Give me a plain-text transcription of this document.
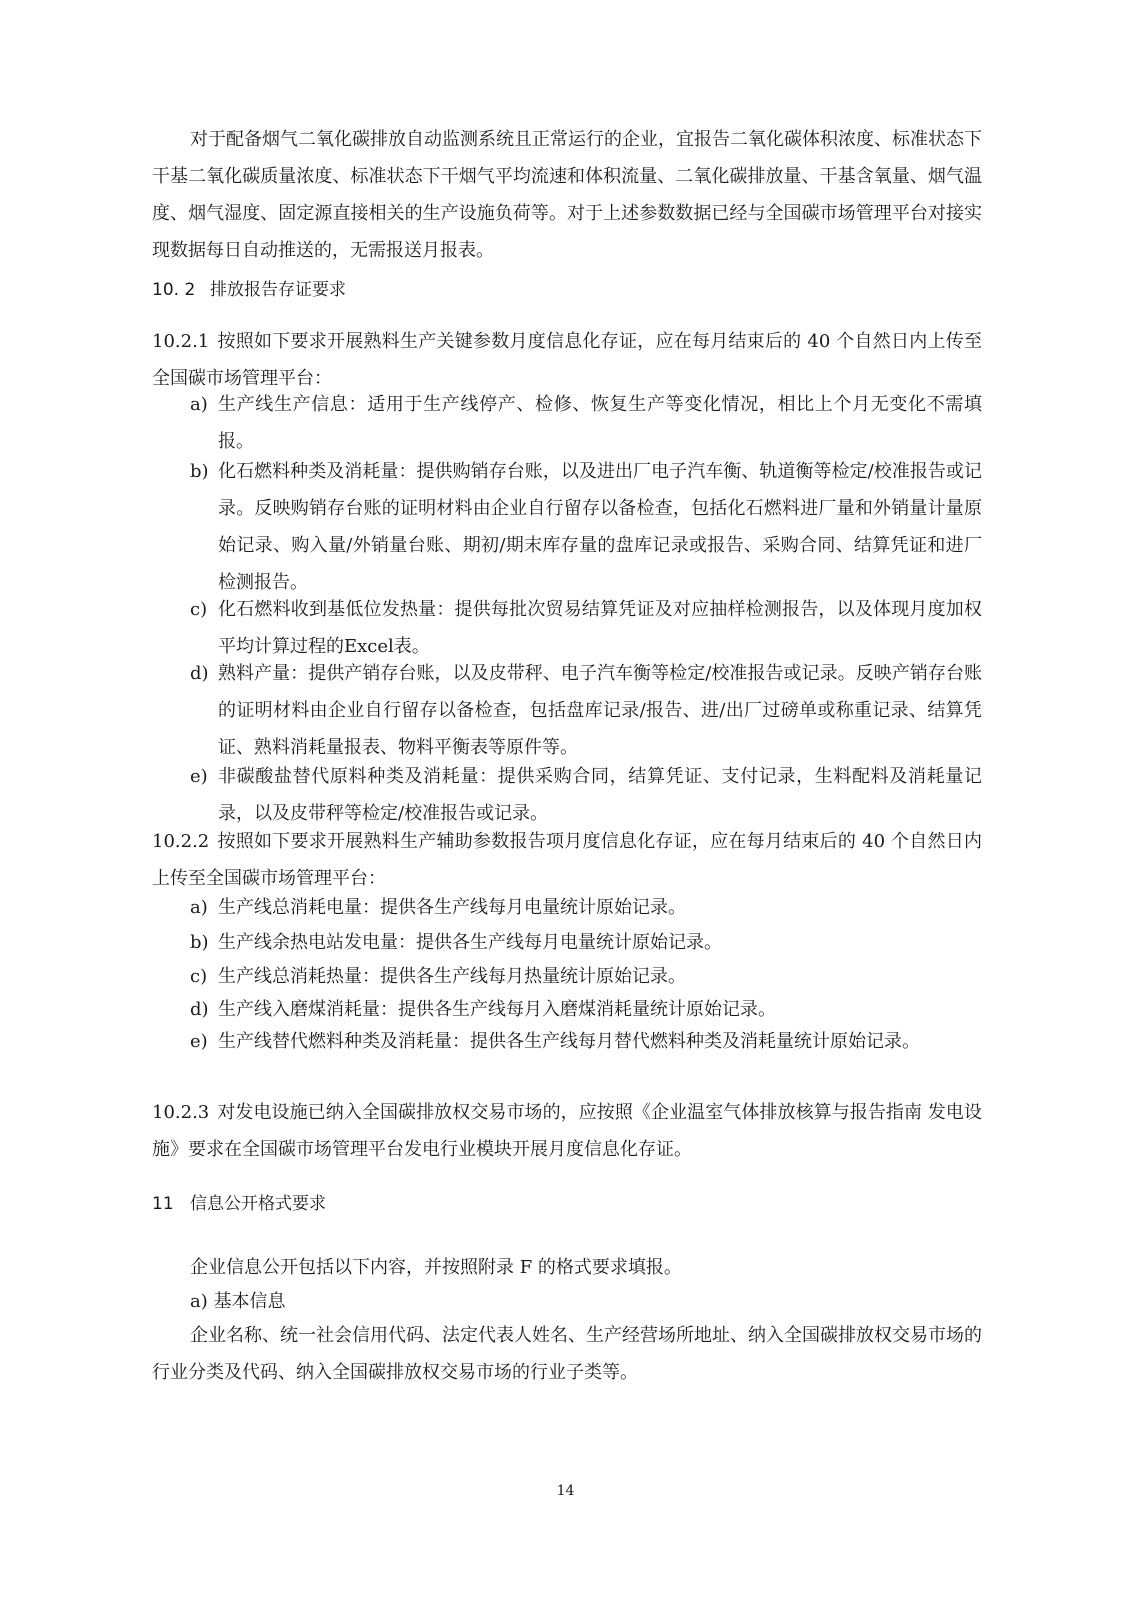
对于配备烟气二氧化碳排放自动监测系统且正常运行的企业，宜报告二氧化碳体积浓度、标准状态下干基二氧化碳质量浓度、标准状态下干烟气平均流速和体积流量、二氧化碳排放量、干基含氧量、烟气温度、烟气湿度、固定源直接相关的生产设施负荷等。对于上述参数数据已经与全国碳市场管理平台对接实现数据每日自动推送的，无需报送月报表。

10. 2 排放报告存证要求

10.2.1 按照如下要求开展熟料生产关键参数月度信息化存证，应在每月结束后的 40 个自然日内上传至全国碳市场管理平台：

a) 生产线生产信息：适用于生产线停产、检修、恢复生产等变化情况，相比上个月无变化不需填报。

b) 化石燃料种类及消耗量：提供购销存台账，以及进出厂电子汽车衡、轨道衡等检定/校准报告或记录。反映购销存台账的证明材料由企业自行留存以备检查，包括化石燃料进厂量和外销量计量原始记录、购入量/外销量台账、期初/期末库存量的盘库记录或报告、采购合同、结算凭证和进厂检测报告。

c) 化石燃料收到基低位发热量：提供每批次贸易结算凭证及对应抽样检测报告，以及体现月度加权平均计算过程的Excel表。

d) 熟料产量：提供产销存台账，以及皮带秤、电子汽车衡等检定/校准报告或记录。反映产销存台账的证明材料由企业自行留存以备检查，包括盘库记录/报告、进/出厂过磅单或称重记录、结算凭证、熟料消耗量报表、物料平衡表等原件等。

e) 非碳酸盐替代原料种类及消耗量：提供采购合同，结算凭证、支付记录，生料配料及消耗量记录，以及皮带秤等检定/校准报告或记录。

10.2.2 按照如下要求开展熟料生产辅助参数报告项月度信息化存证，应在每月结束后的 40 个自然日内上传至全国碳市场管理平台：

a) 生产线总消耗电量：提供各生产线每月电量统计原始记录。

b) 生产线余热电站发电量：提供各生产线每月电量统计原始记录。

c) 生产线总消耗热量：提供各生产线每月热量统计原始记录。

d) 生产线入磨煤消耗量：提供各生产线每月入磨煤消耗量统计原始记录。

e) 生产线替代燃料种类及消耗量：提供各生产线每月替代燃料种类及消耗量统计原始记录。

10.2.3 对发电设施已纳入全国碳排放权交易市场的，应按照《企业温室气体排放核算与报告指南 发电设施》要求在全国碳市场管理平台发电行业模块开展月度信息化存证。

11 信息公开格式要求

企业信息公开包括以下内容，并按照附录 F 的格式要求填报。

a) 基本信息

企业名称、统一社会信用代码、法定代表人姓名、生产经营场所地址、纳入全国碳排放权交易市场的行业分类及代码、纳入全国碳排放权交易市场的行业子类等。

14
